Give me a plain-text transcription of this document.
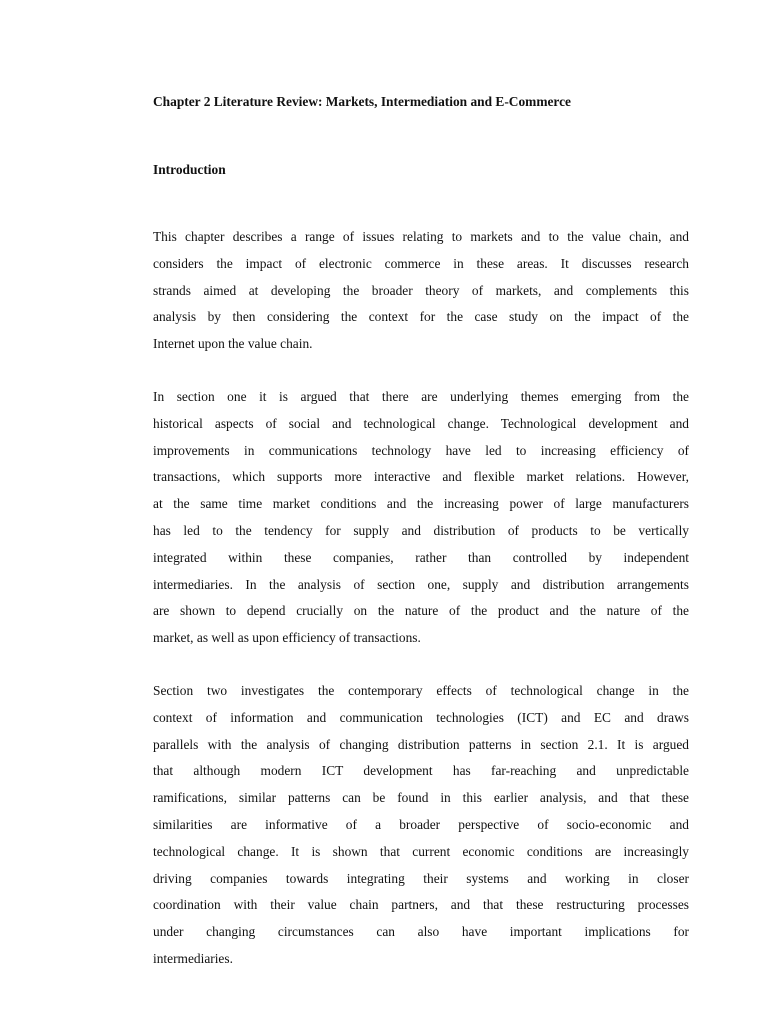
Chapter 2 Literature Review: Markets, Intermediation and E-Commerce
Introduction

This chapter describes a range of issues relating to markets and to the value chain, and
considers the impact of electronic commerce in these areas. It discusses research
strands aimed at developing the broader theory of markets, and complements this
analysis by then considering the context for the case study on the impact of the
Internet upon the value chain.

In section one it is argued that there are underlying themes emerging from the
historical aspects of social and technological change. Technological development and
improvements in communications technology have led to increasing efficiency of
transactions, which supports more interactive and flexible market relations. However,
at the same time market conditions and the increasing power of large manufacturers
has led to the tendency for supply and distribution of products to be vertically
integrated within these companies, rather than controlled by independent
intermediaries. In the analysis of section one, supply and distribution arrangements
are shown to depend crucially on the nature of the product and the nature of the
market, as well as upon efficiency of transactions.

Section two investigates the contemporary effects of technological change in the
context of information and communication technologies (ICT) and EC and draws
parallels with the analysis of changing distribution patterns in section 2.1. It is argued
that although modern ICT development has far-reaching and unpredictable
ramifications, similar patterns can be found in this earlier analysis, and that these
similarities are informative of a broader perspective of socio-economic and
technological change. It is shown that current economic conditions are increasingly
driving companies towards integrating their systems and working in closer
coordination with their value chain partners, and that these restructuring processes
under changing circumstances can also have important implications for
intermediaries.
